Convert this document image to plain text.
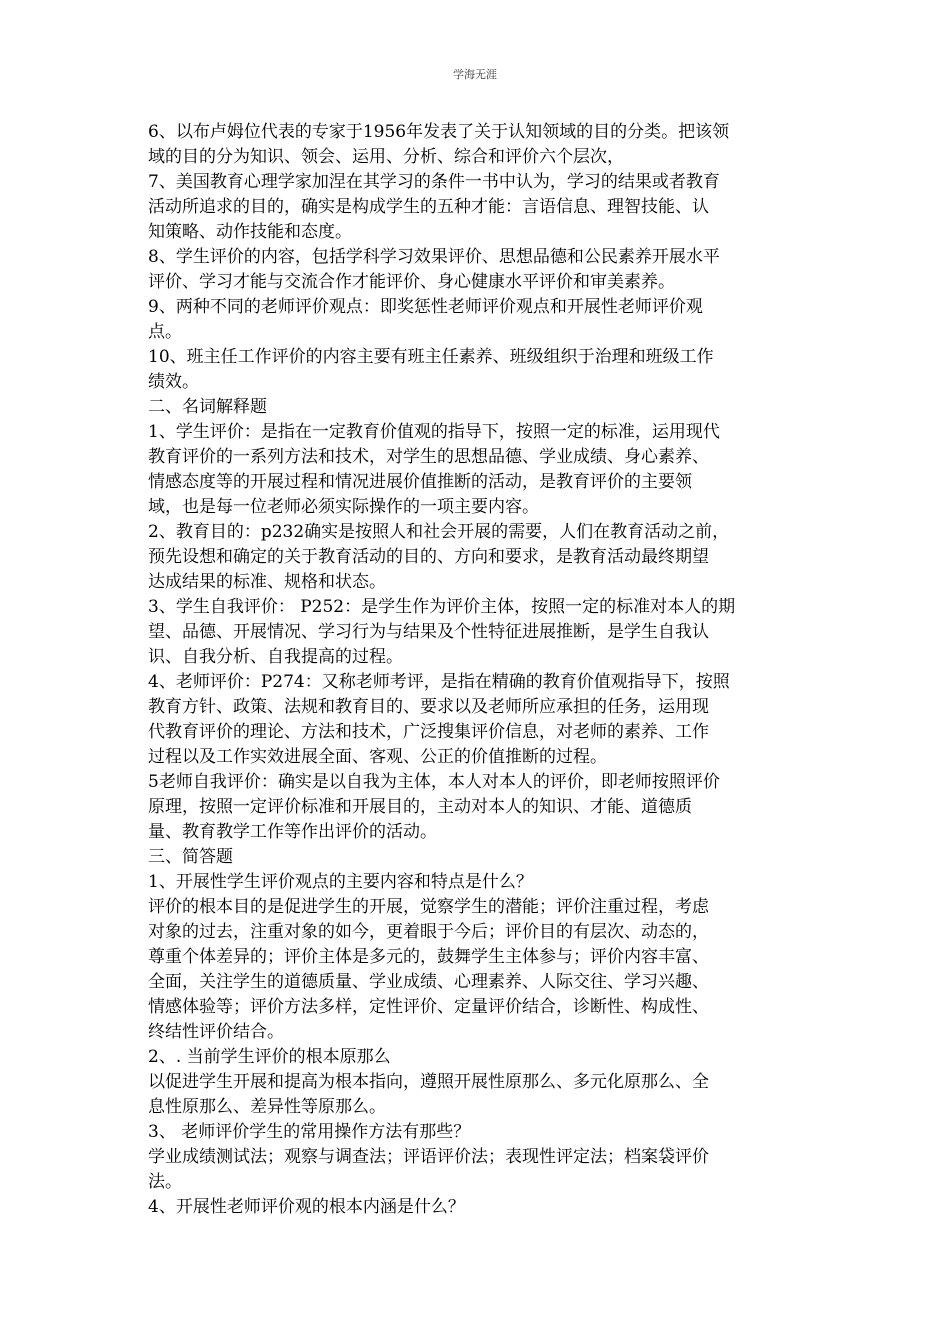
学海无涯
6、以布卢姆位代表的专家于1956年发表了关于认知领域的目的分类。把该领
域的目的分为知识、领会、运用、分析、综合和评价六个层次，
7、美国教育心理学家加涅在其学习的条件一书中认为，学习的结果或者教育
活动所追求的目的，确实是构成学生的五种才能：言语信息、理智技能、认
知策略、动作技能和态度。
8、学生评价的内容，包括学科学习效果评价、思想品德和公民素养开展水平
评价、学习才能与交流合作才能评价、身心健康水平评价和审美素养。
9、两种不同的老师评价观点：即奖惩性老师评价观点和开展性老师评价观
点。
10、班主任工作评价的内容主要有班主任素养、班级组织于治理和班级工作
绩效。
二、名词解释题
1、学生评价：是指在一定教育价值观的指导下，按照一定的标准，运用现代
教育评价的一系列方法和技术，对学生的思想品德、学业成绩、身心素养、
情感态度等的开展过程和情况进展价值推断的活动，是教育评价的主要领
域，也是每一位老师必须实际操作的一项主要内容。
2、教育目的：p232确实是按照人和社会开展的需要，人们在教育活动之前，
预先设想和确定的关于教育活动的目的、方向和要求，是教育活动最终期望
达成结果的标准、规格和状态。
3、学生自我评价： P252：是学生作为评价主体，按照一定的标准对本人的期
望、品德、开展情况、学习行为与结果及个性特征进展推断，是学生自我认
识、自我分析、自我提高的过程。
4、老师评价：P274：又称老师考评，是指在精确的教育价值观指导下，按照
教育方针、政策、法规和教育目的、要求以及老师所应承担的任务，运用现
代教育评价的理论、方法和技术，广泛搜集评价信息，对老师的素养、工作
过程以及工作实效进展全面、客观、公正的价值推断的过程。
5老师自我评价：确实是以自我为主体，本人对本人的评价，即老师按照评价
原理，按照一定评价标准和开展目的，主动对本人的知识、才能、道德质
量、教育教学工作等作出评价的活动。
三、简答题
1、开展性学生评价观点的主要内容和特点是什么？
评价的根本目的是促进学生的开展，觉察学生的潜能；评价注重过程，考虑
对象的过去，注重对象的如今，更着眼于今后；评价目的有层次、动态的，
尊重个体差异的；评价主体是多元的，鼓舞学生主体参与；评价内容丰富、
全面，关注学生的道德质量、学业成绩、心理素养、人际交往、学习兴趣、
情感体验等；评价方法多样，定性评价、定量评价结合，诊断性、构成性、
终结性评价结合。
2、. 当前学生评价的根本原那么
以促进学生开展和提高为根本指向，遵照开展性原那么、多元化原那么、全
息性原那么、差异性等原那么。
3、 老师评价学生的常用操作方法有那些？
学业成绩测试法；观察与调查法；评语评价法；表现性评定法；档案袋评价
法。
4、开展性老师评价观的根本内涵是什么？
